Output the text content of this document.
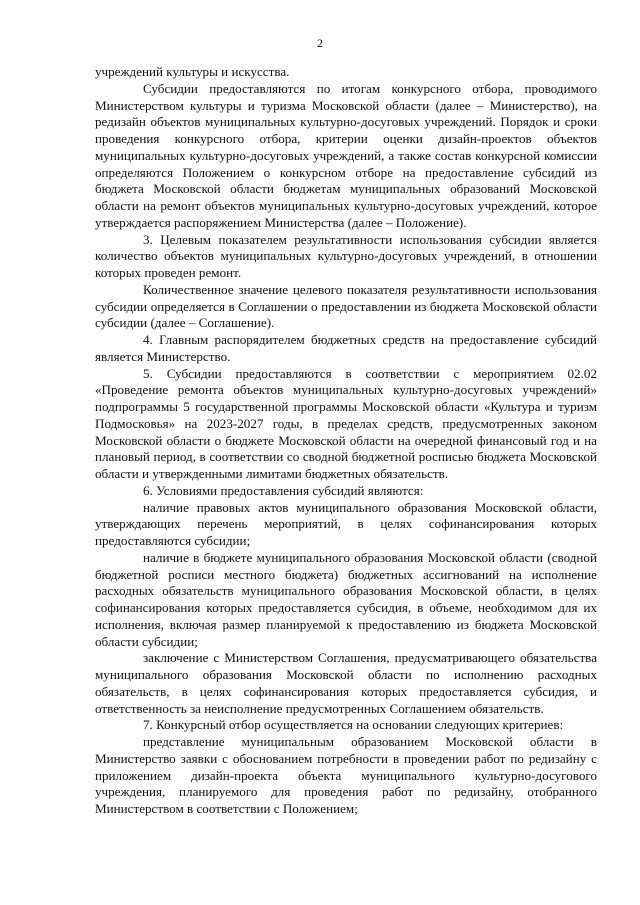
2

учреждений культуры и искусства.

Субсидии предоставляются по итогам конкурсного отбора, проводимого Министерством культуры и туризма Московской области (далее – Министерство), на редизайн объектов муниципальных культурно-досуговых учреждений. Порядок и сроки проведения конкурсного отбора, критерии оценки дизайн-проектов объектов муниципальных культурно-досуговых учреждений, а также состав конкурсной комиссии определяются Положением о конкурсном отборе на предоставление субсидий из бюджета Московской области бюджетам муниципальных образований Московской области на ремонт объектов муниципальных культурно-досуговых учреждений, которое утверждается распоряжением Министерства (далее – Положение).

3. Целевым показателем результативности использования субсидии является количество объектов муниципальных культурно-досуговых учреждений, в отношении которых проведен ремонт.

Количественное значение целевого показателя результативности использования субсидии определяется в Соглашении о предоставлении из бюджета Московской области субсидии (далее – Соглашение).

4. Главным распорядителем бюджетных средств на предоставление субсидий является Министерство.

5. Субсидии предоставляются в соответствии с мероприятием 02.02 «Проведение ремонта объектов муниципальных культурно-досуговых учреждений» подпрограммы 5 государственной программы Московской области «Культура и туризм Подмосковья» на 2023-2027 годы, в пределах средств, предусмотренных законом Московской области о бюджете Московской области на очередной финансовый год и на плановый период, в соответствии со сводной бюджетной росписью бюджета Московской области и утвержденными лимитами бюджетных обязательств.

6. Условиями предоставления субсидий являются:

наличие правовых актов муниципального образования Московской области, утверждающих перечень мероприятий, в целях софинансирования которых предоставляются субсидии;

наличие в бюджете муниципального образования Московской области (сводной бюджетной росписи местного бюджета) бюджетных ассигнований на исполнение расходных обязательств муниципального образования Московской области, в целях софинансирования которых предоставляется субсидия, в объеме, необходимом для их исполнения, включая размер планируемой к предоставлению из бюджета Московской области субсидии;

заключение с Министерством Соглашения, предусматривающего обязательства муниципального образования Московской области по исполнению расходных обязательств, в целях софинансирования которых предоставляется субсидия, и ответственность за неисполнение предусмотренных Соглашением обязательств.

7. Конкурсный отбор осуществляется на основании следующих критериев:

представление муниципальным образованием Московской области в Министерство заявки с обоснованием потребности в проведении работ по редизайну с приложением дизайн-проекта объекта муниципального культурно-досугового учреждения, планируемого для проведения работ по редизайну, отобранного Министерством в соответствии с Положением;
